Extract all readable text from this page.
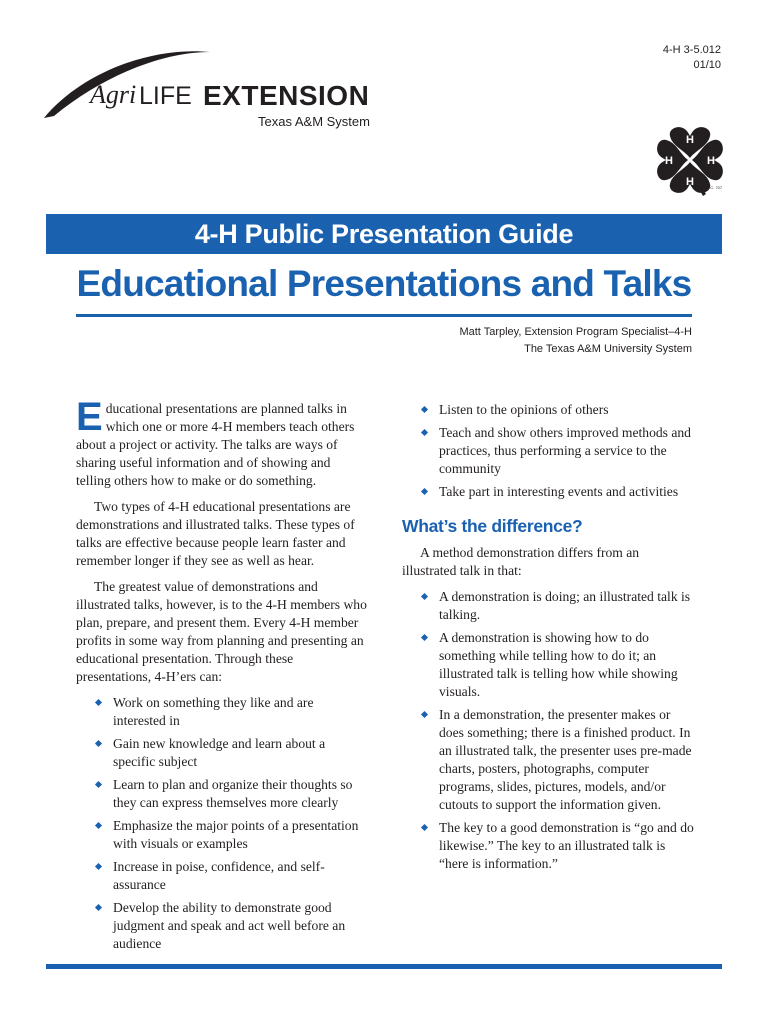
Agri LIFE EXTENSION
Texas A&M System
4-H 3-5.012
01/10
H
H
H
H
18 U.S.C. 707
4-H Public Presentation Guide
Educational Presentations and Talks
Matt Tarpley, Extension Program Specialist–4-H
The Texas A&M University System

Educational presentations are planned talks in which one or more 4-H members teach others about a project or activity. The talks are ways of sharing useful information and of showing and telling others how to make or do something.

Two types of 4-H educational presentations are demonstrations and illustrated talks. These types of talks are effective because people learn faster and remember longer if they see as well as hear.

The greatest value of demonstrations and illustrated talks, however, is to the 4-H members who plan, prepare, and present them. Every 4-H member profits in some way from planning and presenting an educational presentation. Through these presentations, 4-H’ers can:

Work on something they like and are interested in
Gain new knowledge and learn about a specific subject
Learn to plan and organize their thoughts so they can express themselves more clearly
Emphasize the major points of a presentation with visuals or examples
Increase in poise, confidence, and self-assurance
Develop the ability to demonstrate good judgment and speak and act well before an audience
Listen to the opinions of others
Teach and show others improved methods and practices, thus performing a service to the community
Take part in interesting events and activities
What’s the difference?

A method demonstration differs from an illustrated talk in that:

A demonstration is doing; an illustrated talk is talking.
A demonstration is showing how to do something while telling how to do it; an illustrated talk is telling how while showing visuals.
In a demonstration, the presenter makes or does something; there is a finished product. In an illustrated talk, the presenter uses pre-made charts, posters, photographs, computer programs, slides, pictures, models, and/or cutouts to support the information given.
The key to a good demonstration is “go and do likewise.” The key to an illustrated talk is “here is information.”
